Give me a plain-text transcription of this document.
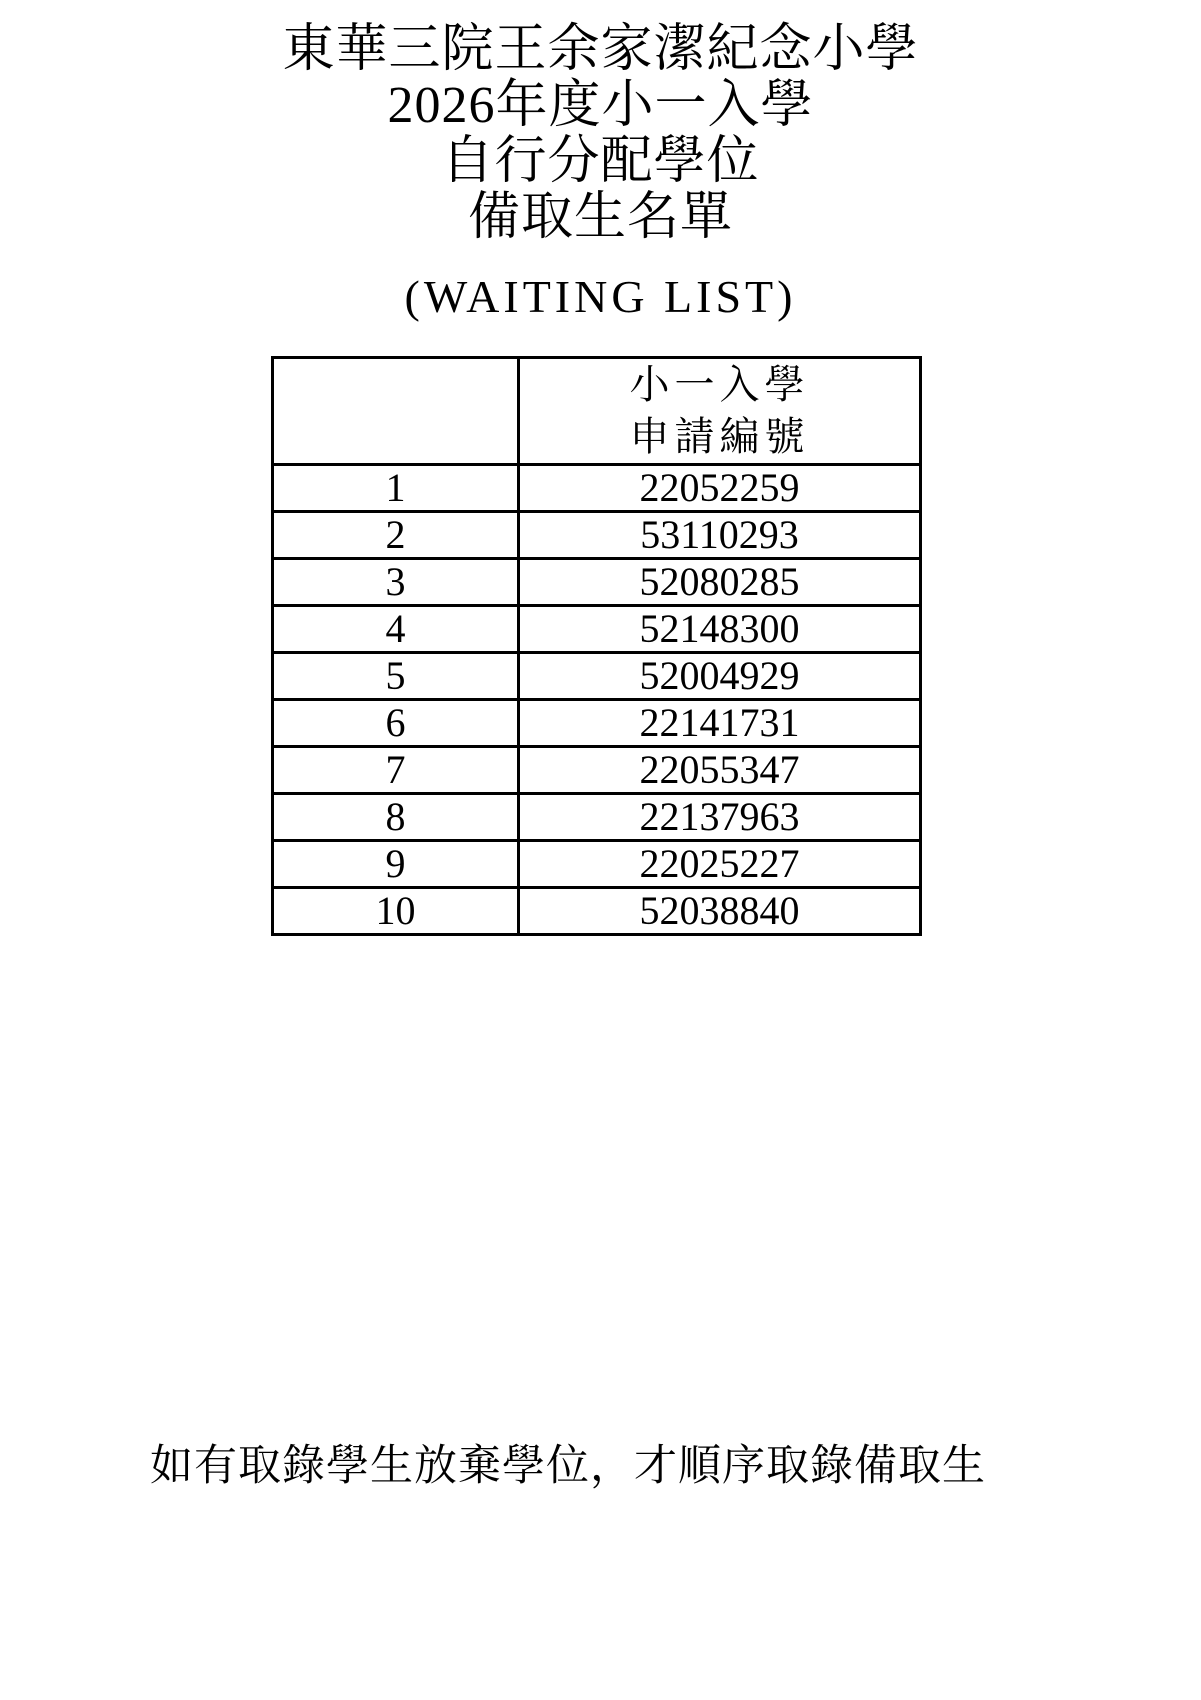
東華三院王余家潔紀念小學
2026年度小一入學
自行分配學位
備取生名單
(WAITING LIST)

	小一入學
申請編號

1	22052259
2	53110293
3	52080285
4	52148300
5	52004929
6	22141731
7	22055347
8	22137963
9	22025227
10	52038840

如有取錄學生放棄學位，才順序取錄備取生
